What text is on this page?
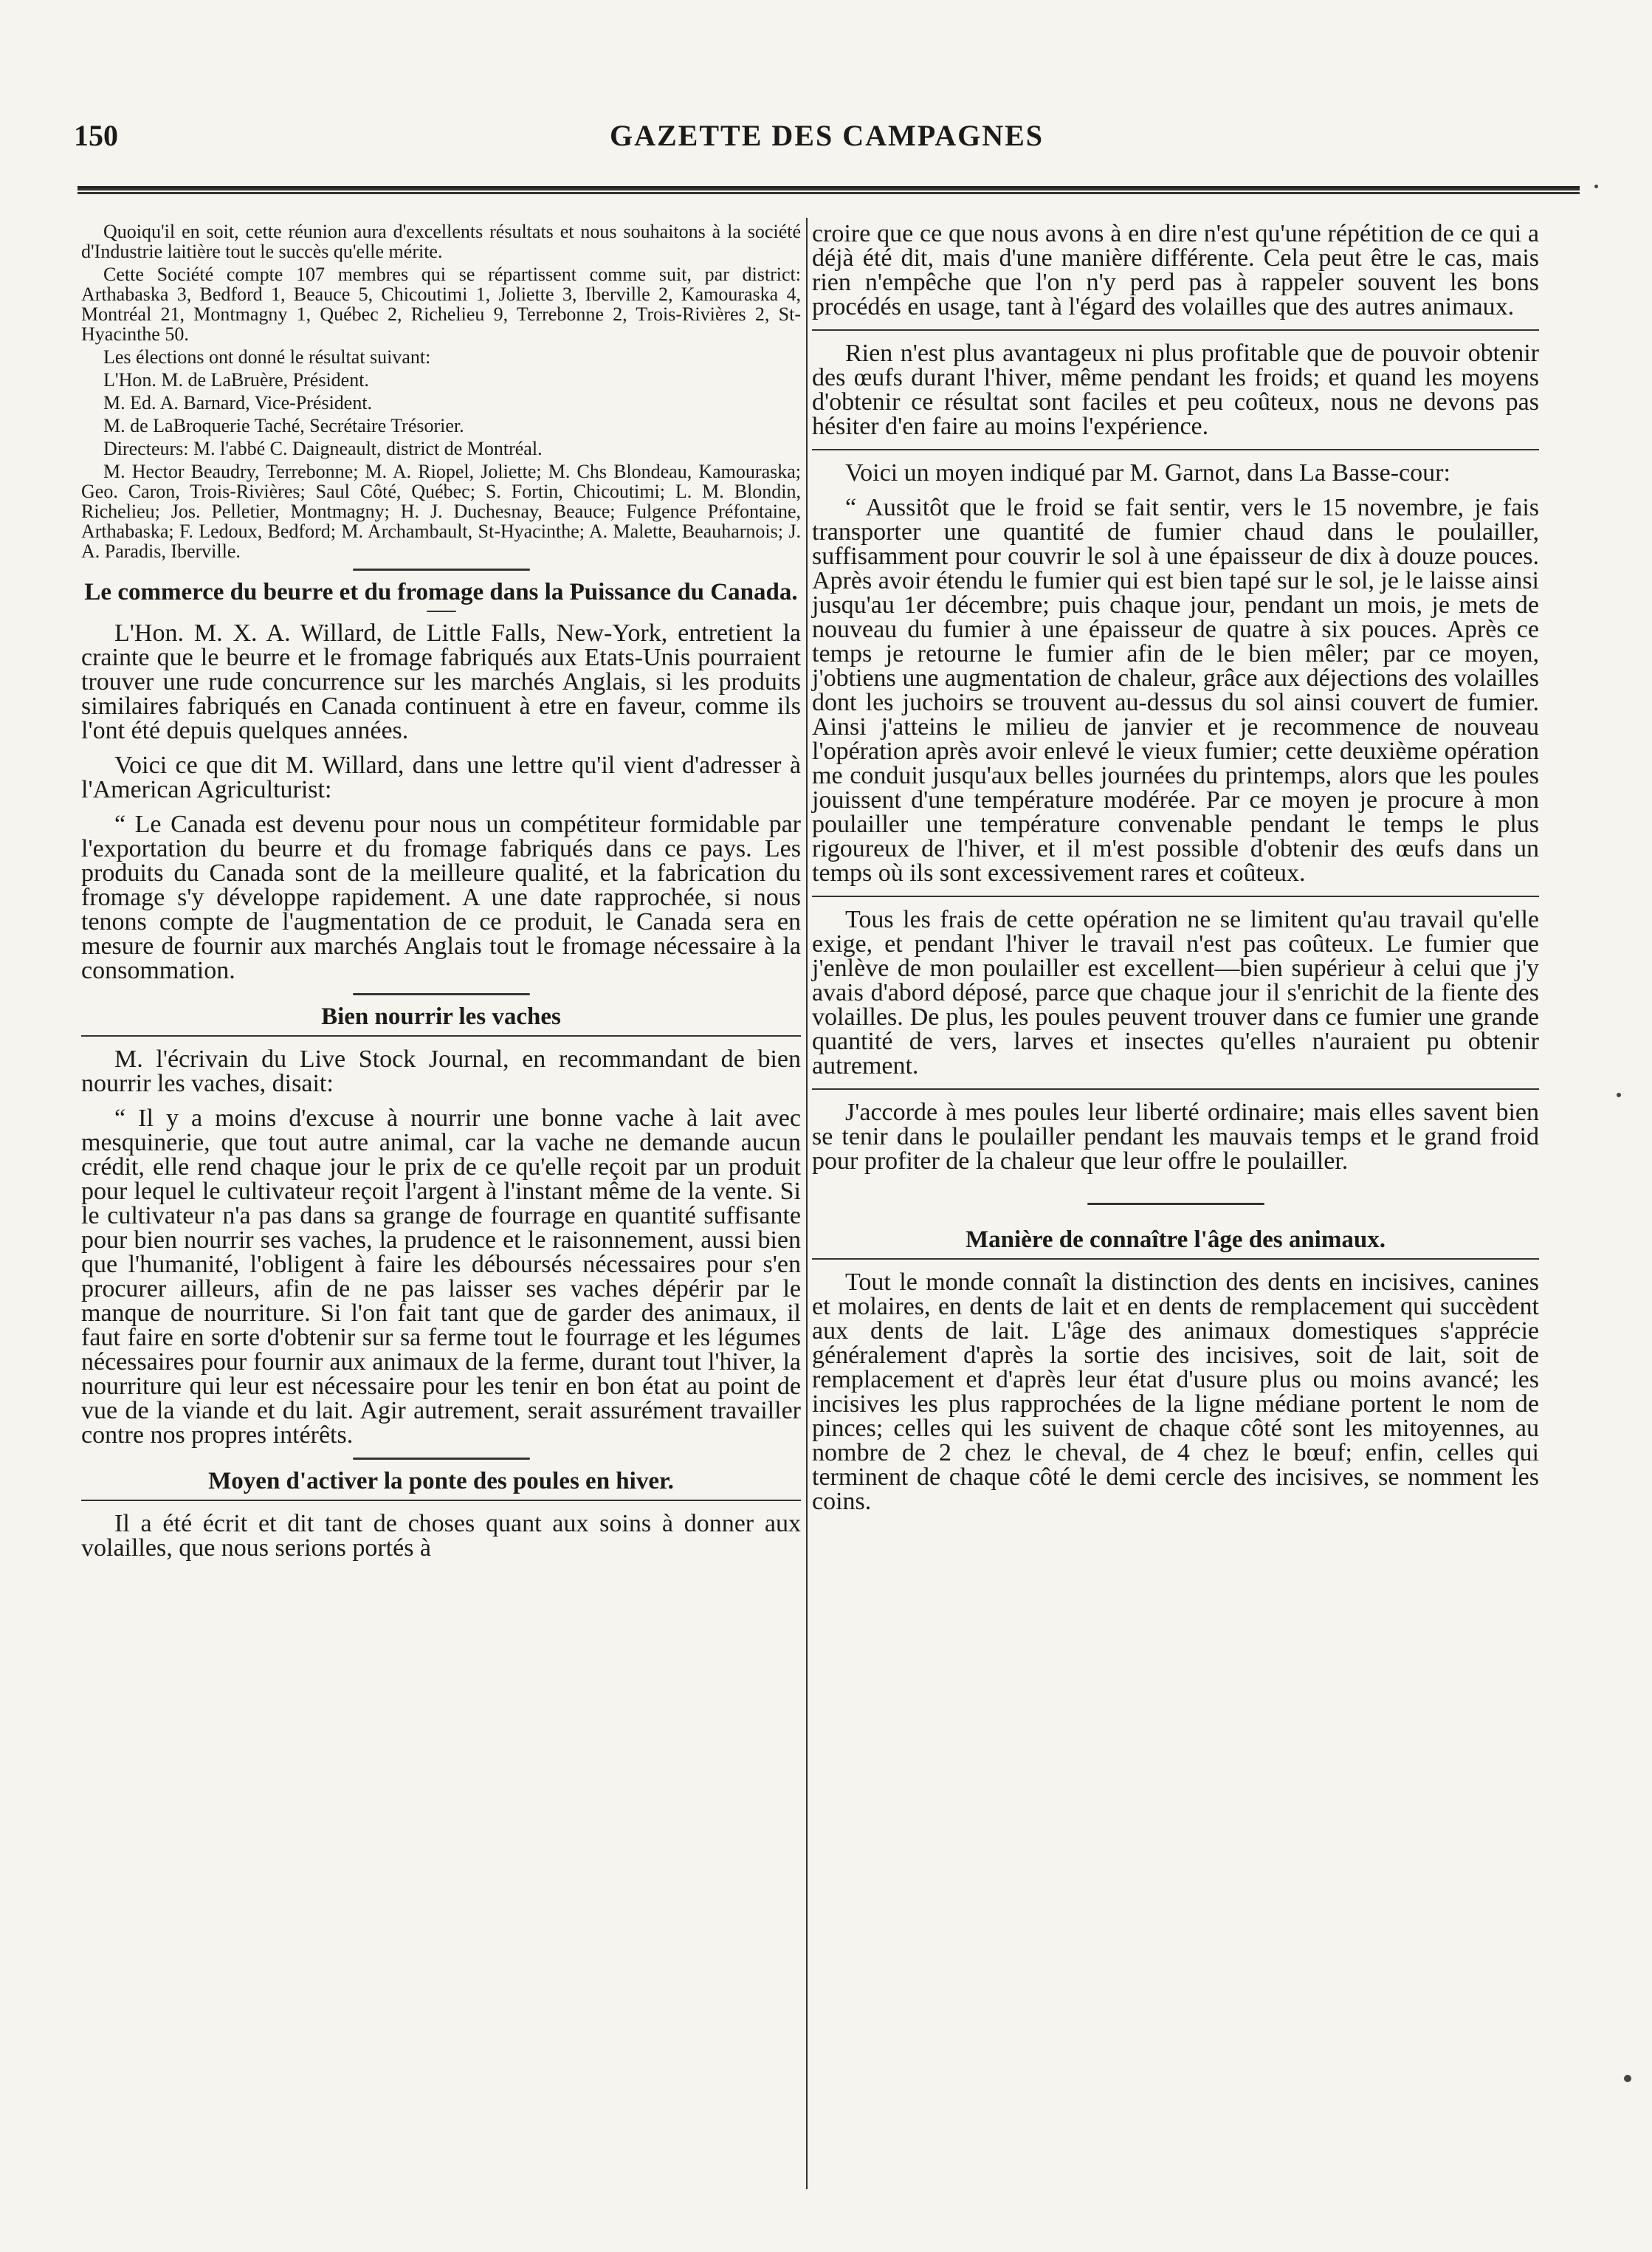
150	GAZETTE DES CAMPAGNES

Quoiqu'il en soit, cette réunion aura d'excellents résultats et nous souhaitons à la société d'Industrie laitière tout le succès qu'elle mérite.

Cette Société compte 107 membres qui se répartissent comme suit, par district: Arthabaska 3, Bedford 1, Beauce 5, Chicoutimi 1, Joliette 3, Iberville 2, Kamouraska 4, Montréal 21, Montmagny 1, Québec 2, Richelieu 9, Terrebonne 2, Trois-Rivières 2, St-Hyacinthe 50.

Les élections ont donné le résultat suivant:

L'Hon. M. de LaBruère, Président.

M. Ed. A. Barnard, Vice-Président.

M. de LaBroquerie Taché, Secrétaire Trésorier.

Directeurs: M. l'abbé C. Daigneault, district de Montréal.

M. Hector Beaudry, Terrebonne; M. A. Riopel, Joliette; M. Chs Blondeau, Kamouraska; Geo. Caron, Trois-Rivières; Saul Côté, Québec; S. Fortin, Chicoutimi; L. M. Blondin, Richelieu; Jos. Pelletier, Montmagny; H. J. Duchesnay, Beauce; Fulgence Préfontaine, Arthabaska; F. Ledoux, Bedford; M. Archambault, St-Hyacinthe; A. Malette, Beauharnois; J. A. Paradis, Iberville.

Le commerce du beurre et du fromage dans la Puissance du Canada.

L'Hon. M. X. A. Willard, de Little Falls, New-York, entretient la crainte que le beurre et le fromage fabriqués aux Etats-Unis pourraient trouver une rude concurrence sur les marchés Anglais, si les produits similaires fabriqués en Canada continuent à etre en faveur, comme ils l'ont été depuis quelques années.

Voici ce que dit M. Willard, dans une lettre qu'il vient d'adresser à l'American Agriculturist:

“ Le Canada est devenu pour nous un compétiteur formidable par l'exportation du beurre et du fromage fabriqués dans ce pays. Les produits du Canada sont de la meilleure qualité, et la fabrication du fromage s'y développe rapidement. A une date rapprochée, si nous tenons compte de l'augmentation de ce produit, le Canada sera en mesure de fournir aux marchés Anglais tout le fromage nécessaire à la consommation.

Bien nourrir les vaches

M. l'écrivain du Live Stock Journal, en recommandant de bien nourrir les vaches, disait:

“ Il y a moins d'excuse à nourrir une bonne vache à lait avec mesquinerie, que tout autre animal, car la vache ne demande aucun crédit, elle rend chaque jour le prix de ce qu'elle reçoit par un produit pour lequel le cultivateur reçoit l'argent à l'instant même de la vente. Si le cultivateur n'a pas dans sa grange de fourrage en quantité suffisante pour bien nourrir ses vaches, la prudence et le raisonnement, aussi bien que l'humanité, l'obligent à faire les déboursés nécessaires pour s'en procurer ailleurs, afin de ne pas laisser ses vaches dépérir par le manque de nourriture. Si l'on fait tant que de garder des animaux, il faut faire en sorte d'obtenir sur sa ferme tout le fourrage et les légumes nécessaires pour fournir aux animaux de la ferme, durant tout l'hiver, la nourriture qui leur est nécessaire pour les tenir en bon état au point de vue de la viande et du lait. Agir autrement, serait assurément travailler contre nos propres intérêts.

Moyen d'activer la ponte des poules en hiver.

Il a été écrit et dit tant de choses quant aux soins à donner aux volailles, que nous serions portés à

croire que ce que nous avons à en dire n'est qu'une répétition de ce qui a déjà été dit, mais d'une manière différente. Cela peut être le cas, mais rien n'empêche que l'on n'y perd pas à rappeler souvent les bons procédés en usage, tant à l'égard des volailles que des autres animaux.

Rien n'est plus avantageux ni plus profitable que de pouvoir obtenir des œufs durant l'hiver, même pendant les froids; et quand les moyens d'obtenir ce résultat sont faciles et peu coûteux, nous ne devons pas hésiter d'en faire au moins l'expérience.

Voici un moyen indiqué par M. Garnot, dans La Basse-cour:

“ Aussitôt que le froid se fait sentir, vers le 15 novembre, je fais transporter une quantité de fumier chaud dans le poulailler, suffisamment pour couvrir le sol à une épaisseur de dix à douze pouces. Après avoir étendu le fumier qui est bien tapé sur le sol, je le laisse ainsi jusqu'au 1er décembre; puis chaque jour, pendant un mois, je mets de nouveau du fumier à une épaisseur de quatre à six pouces. Après ce temps je retourne le fumier afin de le bien mêler; par ce moyen, j'obtiens une augmentation de chaleur, grâce aux déjections des volailles dont les juchoirs se trouvent au-dessus du sol ainsi couvert de fumier. Ainsi j'atteins le milieu de janvier et je recommence de nouveau l'opération après avoir enlevé le vieux fumier; cette deuxième opération me conduit jusqu'aux belles journées du printemps, alors que les poules jouissent d'une température modérée. Par ce moyen je procure à mon poulailler une température convenable pendant le temps le plus rigoureux de l'hiver, et il m'est possible d'obtenir des œufs dans un temps où ils sont excessivement rares et coûteux.

Tous les frais de cette opération ne se limitent qu'au travail qu'elle exige, et pendant l'hiver le travail n'est pas coûteux. Le fumier que j'enlève de mon poulailler est excellent—bien supérieur à celui que j'y avais d'abord déposé, parce que chaque jour il s'enrichit de la fiente des volailles. De plus, les poules peuvent trouver dans ce fumier une grande quantité de vers, larves et insectes qu'elles n'auraient pu obtenir autrement.

J'accorde à mes poules leur liberté ordinaire; mais elles savent bien se tenir dans le poulailler pendant les mauvais temps et le grand froid pour profiter de la chaleur que leur offre le poulailler.

Manière de connaître l'âge des animaux.

Tout le monde connaît la distinction des dents en incisives, canines et molaires, en dents de lait et en dents de remplacement qui succèdent aux dents de lait. L'âge des animaux domestiques s'apprécie généralement d'après la sortie des incisives, soit de lait, soit de remplacement et d'après leur état d'usure plus ou moins avancé; les incisives les plus rapprochées de la ligne médiane portent le nom de pinces; celles qui les suivent de chaque côté sont les mitoyennes, au nombre de 2 chez le cheval, de 4 chez le bœuf; enfin, celles qui terminent de chaque côté le demi cercle des incisives, se nomment les coins.
